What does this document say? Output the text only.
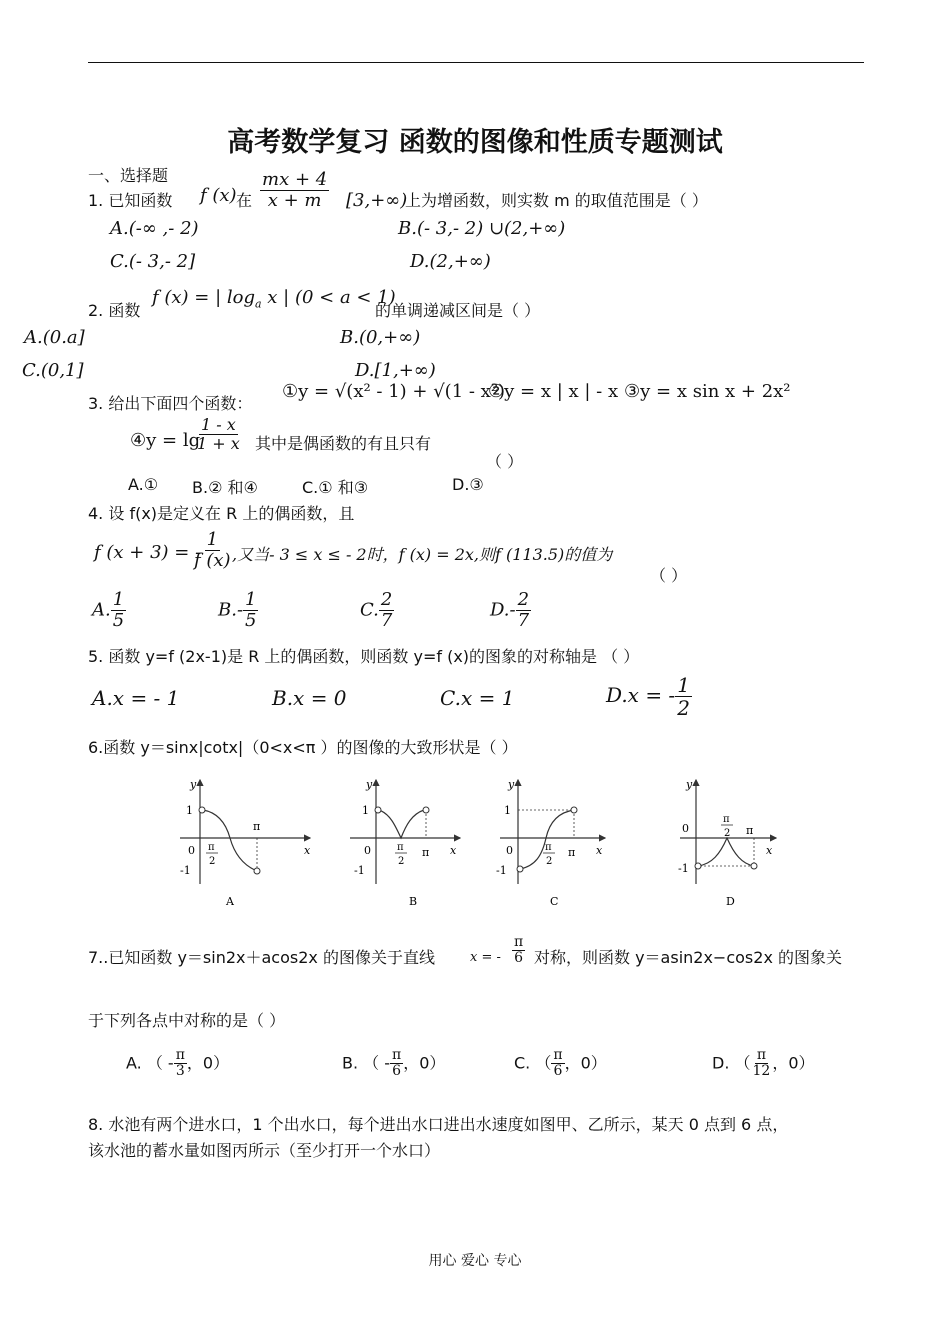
高考数学复习 函数的图像和性质专题测试
一、选择题
1. 已知函数 f (x) 在 $\frac{mx + 4}{x + m} [3,+\infty)$
上为增函数，则实数 m 的取值范围是（ ）
A.(-∞ ,- 2)	B.(- 3,- 2) ∪(2,+∞)
C.(- 3,- 2]	D.(2,+∞)
2. 函数
f (x) = | $\log_a x$ | (0 < a < 1)
的单调递减区间是（ ）
A.(0.a]	B.(0,+∞)
C.(0,1]	D.[1,+∞)
3. 给出下面四个函数：
①y = √(x² - 1) + √(1 - x²)
②y = x | x | - x ③y = x sin x + 2x²
④y = lg
$\frac{1 - x}{1 + x}$ 其中是偶函数的有且只有
（ ）
A.① B.② 和④	C.① 和③	D.③
4. 设 f(x)是定义在 R 上的偶函数，且
f (x + 3) = -
$\frac{1}{f (x)}$ ,又当- 3 ≤ x ≤ - 2时，f (x) = 2x,则f (113.5)的值为
（ ）
A. $\frac{1}{5}$	$B.- \frac{1}{5}$	C. $\frac{2}{7}$	$D.- \frac{2}{7}$
5. 函数 y=f (2x-1)是 R 上的偶函数，则函数 y=f (x)的图象的对称轴是 （ ）
A.x = - 1	B.x = 0	C.x = 1	D.x = - $\frac{1}{2}$
6.函数 y＝sinx|cotx|（0<x<π ）的图像的大致形状是（ ）
y
x
1
0
-1
π
π
2
A
y
x
1
0
-1
π
π
2
B
y
x
1
0
-1
π
π
2
C
y
x
0
-1
π
π
2
D
7..已知函数 y＝sin2x＋acos2x 的图像关于直线	x = - $\frac{\pi}{6}$ 对称，则函数 y＝asin2x−cos2x 的图象关
于下列各点中对称的是（ ）
A. （ - $\frac{\pi}{3}$ ，0）	B. （ - $\frac{\pi}{6}$ ，0）	C. （ $\frac{\pi}{6}$ ，0）	D. （ $\frac{\pi}{12}$ ，0）
8. 水池有两个进水口，1 个出水口，每个进出水口进出水速度如图甲、乙所示，某天 0 点到 6 点，
该水池的蓄水量如图丙所示（至少打开一个水口）
用心 爱心 专心
